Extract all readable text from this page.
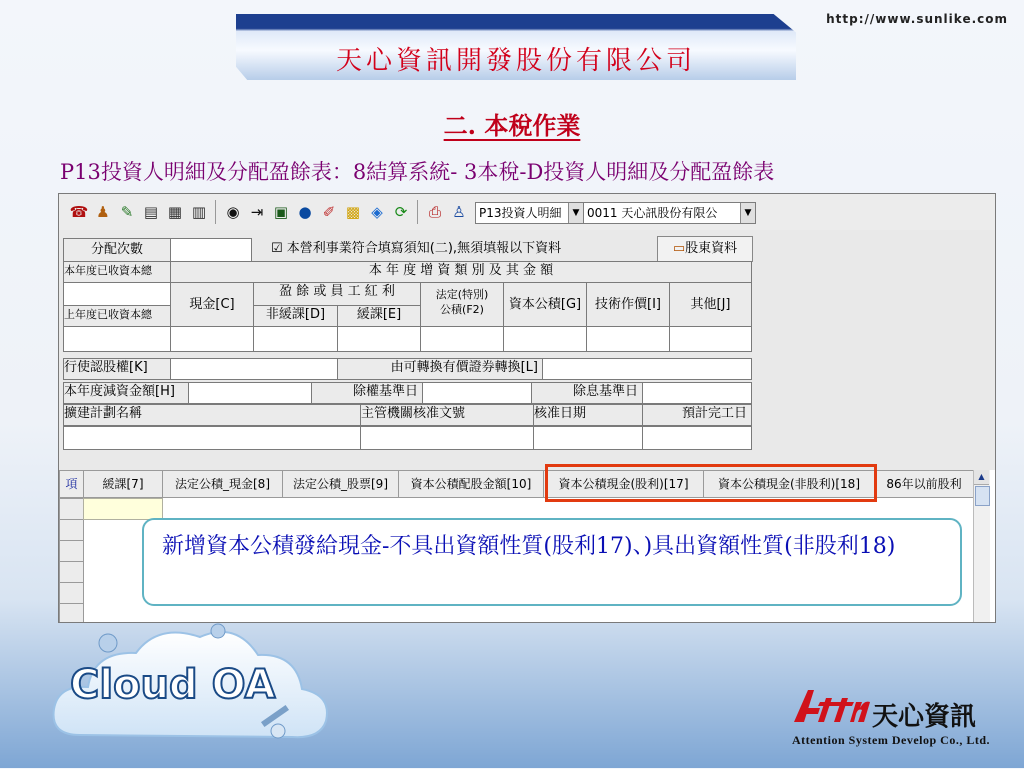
天心資訊開發股份有限公司
http://www.sunlike.com
二. 本稅作業
P13投資人明細及分配盈餘表：8結算系統- 3本稅-D投資人明細及分配盈餘表
☎ ♟ ✎ ▤ ▦ ▥ ◉ ⇥ ▣ ● ✐ ▩ ◈ ⟳ ⎙ ♙	P13投資人明細	▼ 0011 天心訊股份有限公	▼
分配次數	☑ 本營利事業符合填寫須知(二),無須填報以下資料	▭股東資料
本年度已收資本總	本 年 度 增 資 類 別 及 其 金 額
上年度已收資本總
現金[C]
盈 餘 或 員 工 紅 利
非緩課[D]	緩課[E]
法定(特別)
公積(F2)	資本公積[G]	技術作價[I]	其他[J]
行使認股權[K]	由可轉換有價證券轉換[L]
本年度減資金額[H]	除權基準日	除息基準日
擴建計劃名稱	主管機關核准文號	核准日期	預計完工日
項	緩課[7]	法定公積_現金[8]	法定公積_股票[9]	資本公積配股金額[10]	資本公積現金(股利)[17]	資本公積現金(非股利)[18]	86年以前股利
▲
新增資本公積發給現金-不具出資額性質(股利17)、)具出資額性質(非股利18)
Cloud OA
天心資訊
Attention System Develop Co., Ltd.
